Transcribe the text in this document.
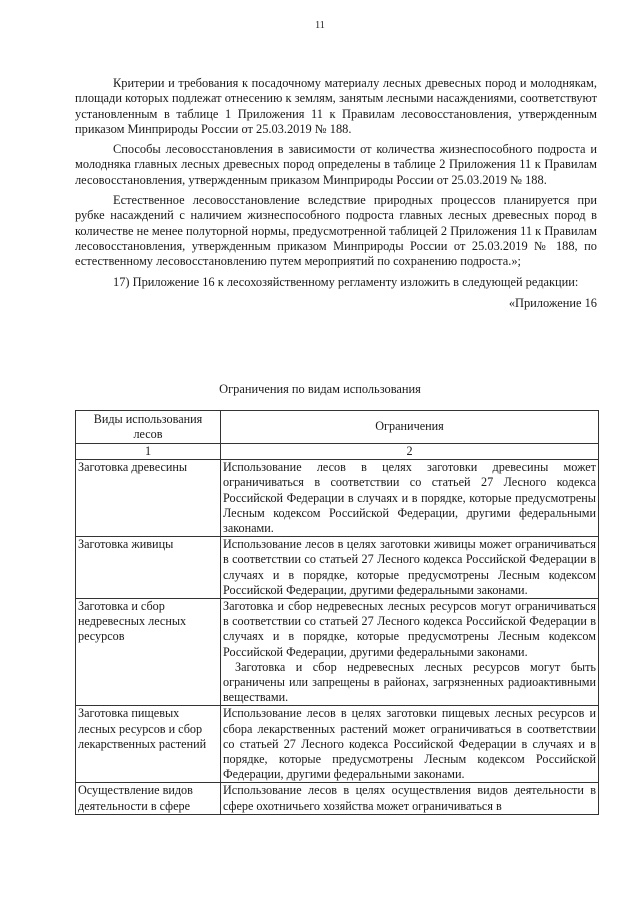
11

Критерии и требования к посадочному материалу лесных древесных пород и молоднякам, площади которых подлежат отнесению к землям, занятым лесными насаждениями, соответствуют установленным в таблице 1 Приложения 11 к Правилам лесовосстановления, утвержденным приказом Минприроды России от 25.03.2019 № 188.

Способы лесовосстановления в зависимости от количества жизнеспособного подроста и молодняка главных лесных древесных пород определены в таблице 2 Приложения 11 к Правилам лесовосстановления, утвержденным приказом Минприроды России от 25.03.2019 № 188.

Естественное лесовосстановление вследствие природных процессов планируется при рубке насаждений с наличием жизнеспособного подроста главных лесных древесных пород в количестве не менее полуторной нормы, предусмотренной таблицей 2 Приложения 11 к Правилам лесовосстановления, утвержденным приказом Минприроды России от 25.03.2019 № 188, по естественному лесовосстановлению путем мероприятий по сохранению подроста.»;

17) Приложение 16 к лесохозяйственному регламенту изложить в следующей редакции:

«Приложение 16

Ограничения по видам использования
Виды использования лесов	Ограничения
1	2
Заготовка древесины	Использование лесов в целях заготовки древесины может ограничиваться в соответствии со статьей 27 Лесного кодекса Российской Федерации в случаях и в порядке, которые предусмотрены Лесным кодексом Российской Федерации, другими федеральными законами.

Заготовка живицы	Использование лесов в целях заготовки живицы может ограничиваться в соответствии со статьей 27 Лесного кодекса Российской Федерации в случаях и в порядке, которые предусмотрены Лесным кодексом Российской Федерации, другими федеральными законами.

Заготовка и сбор недревесных лесных ресурсов	Заготовка и сбор недревесных лесных ресурсов могут ограничиваться в соответствии со статьей 27 Лесного кодекса Российской Федерации в случаях и в порядке, которые предусмотрены Лесным кодексом Российской Федерации, другими федеральными законами.
Заготовка и сбор недревесных лесных ресурсов могут быть ограничены или запрещены в районах, загрязненных радиоактивными веществами.

Заготовка пищевых лесных ресурсов и сбор лекарственных растений	Использование лесов в целях заготовки пищевых лесных ресурсов и сбора лекарственных растений может ограничиваться в соответствии со статьей 27 Лесного кодекса Российской Федерации в случаях и в порядке, которые предусмотрены Лесным кодексом Российской Федерации, другими федеральными законами.

Осуществление видов деятельности в сфере	Использование лесов в целях осуществления видов деятельности в сфере охотничьего хозяйства может ограничиваться в
